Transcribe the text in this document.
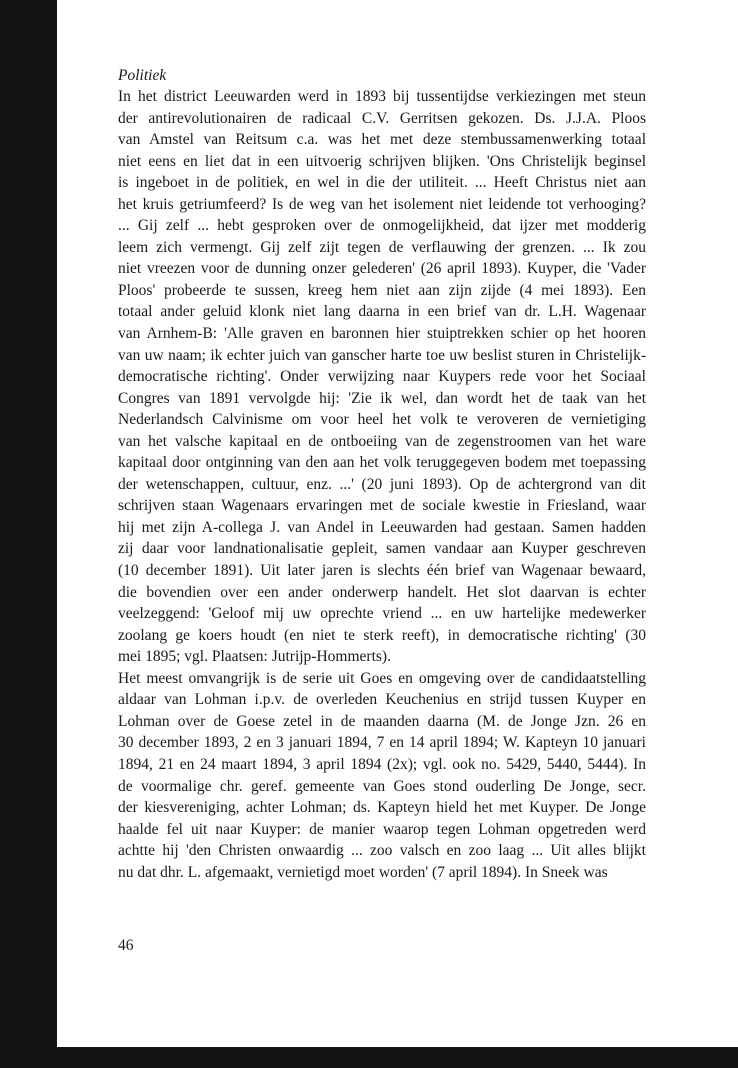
Politiek
In het district Leeuwarden werd in 1893 bij tussentijdse verkiezingen met steun
der antirevolutionairen de radicaal C.V. Gerritsen gekozen. Ds. J.J.A. Ploos
van Amstel van Reitsum c.a. was het met deze stembussamenwerking totaal
niet eens en liet dat in een uitvoerig schrijven blijken. 'Ons Christelijk beginsel
is ingeboet in de politiek, en wel in die der utiliteit. ... Heeft Christus niet aan
het kruis getriumfeerd? Is de weg van het isolement niet leidende tot verhooging?
... Gij zelf ... hebt gesproken over de onmogelijkheid, dat ijzer met modderig
leem zich vermengt. Gij zelf zijt tegen de verflauwing der grenzen. ... Ik zou
niet vreezen voor de dunning onzer gelederen' (26 april 1893). Kuyper, die 'Vader
Ploos' probeerde te sussen, kreeg hem niet aan zijn zijde (4 mei 1893). Een
totaal ander geluid klonk niet lang daarna in een brief van dr. L.H. Wagenaar
van Arnhem-B: 'Alle graven en baronnen hier stuiptrekken schier op het hooren
van uw naam; ik echter juich van ganscher harte toe uw beslist sturen in Christelijk-
democratische richting'. Onder verwijzing naar Kuypers rede voor het Sociaal
Congres van 1891 vervolgde hij: 'Zie ik wel, dan wordt het de taak van het
Nederlandsch Calvinisme om voor heel het volk te veroveren de vernietiging
van het valsche kapitaal en de ontboeiing van de zegenstroomen van het ware
kapitaal door ontginning van den aan het volk teruggegeven bodem met toepassing
der wetenschappen, cultuur, enz. ...' (20 juni 1893). Op de achtergrond van dit
schrijven staan Wagenaars ervaringen met de sociale kwestie in Friesland, waar
hij met zijn A-collega J. van Andel in Leeuwarden had gestaan. Samen hadden
zij daar voor landnationalisatie gepleit, samen vandaar aan Kuyper geschreven
(10 december 1891). Uit later jaren is slechts één brief van Wagenaar bewaard,
die bovendien over een ander onderwerp handelt. Het slot daarvan is echter
veelzeggend: 'Geloof mij uw oprechte vriend ... en uw hartelijke medewerker
zoolang ge koers houdt (en niet te sterk reeft), in democratische richting' (30
mei 1895; vgl. Plaatsen: Jutrijp-Hommerts).
Het meest omvangrijk is de serie uit Goes en omgeving over de candidaatstelling
aldaar van Lohman i.p.v. de overleden Keuchenius en strijd tussen Kuyper en
Lohman over de Goese zetel in de maanden daarna (M. de Jonge Jzn. 26 en
30 december 1893, 2 en 3 januari 1894, 7 en 14 april 1894; W. Kapteyn 10 januari
1894, 21 en 24 maart 1894, 3 april 1894 (2x); vgl. ook no. 5429, 5440, 5444). In
de voormalige chr. geref. gemeente van Goes stond ouderling De Jonge, secr.
der kiesvereniging, achter Lohman; ds. Kapteyn hield het met Kuyper. De Jonge
haalde fel uit naar Kuyper: de manier waarop tegen Lohman opgetreden werd
achtte hij 'den Christen onwaardig ... zoo valsch en zoo laag ... Uit alles blijkt
nu dat dhr. L. afgemaakt, vernietigd moet worden' (7 april 1894). In Sneek was
46
